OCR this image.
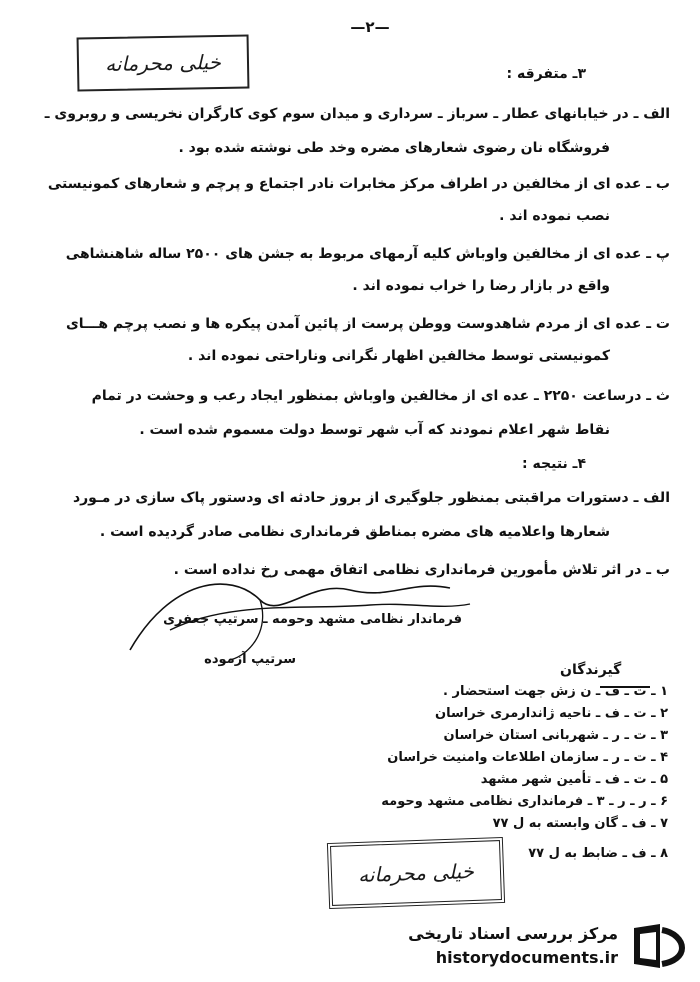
—۲—
خیلی محرمانه	۳ـ متفرقه :
الف ـ در خیابانهای عطار ـ سرباز ـ سرداری و میدان سوم کوی کارگران نخریسی و روبروی ـ
فروشگاه نان رضوی شعارهای مضره وخد طی نوشته شده بود .
ب ـ عده ای از مخالفین در اطراف مرکز مخابرات نادر اجتماع و پرچم و شعارهای کمونیستی
نصب نموده اند .
پ ـ عده ای از مخالفین واوباش کلیه آرمهای مربوط به جشن های ۲۵۰۰ ساله شاهنشاهی
واقع در بازار رضا را خراب نموده اند .
ت ـ عده ای از مردم شاهدوست ووطن پرست از پائین آمدن پیکره ها و نصب پرچم هـــای
کمونیستی توسط مخالفین اظهار نگرانی وناراحتی نموده اند .
ث ـ درساعت ۲۲۵۰ ـ عده ای از مخالفین واوباش بمنظور ایجاد رعب و وحشت در تمام
نقاط شهر اعلام نمودند که آب شهر توسط دولت مسموم شده است .
۴ـ نتیجه :
الف ـ دستورات مراقبتی بمنظور جلوگیری از بروز حادثه ای ودستور پاک سازی در مـورد
شعارها واعلامیه های مضره بمناطق فرمانداری نظامی صادر گردیده است .
ب ـ در اثر تلاش مأمورین فرمانداری نظامی اتفاق مهمی رخ نداده است .
فرماندار نظامی مشهد وحومه ـ سرتیپ جعفری
سرتیپ آزموده
گیرندگان
۱ ـ ت ـ ف ـ ن زش جهت استحضار .
۲ ـ ت ـ ف ـ ناحیه ژاندارمری خراسان
۳ ـ ت ـ ر ـ شهربانی استان خراسان
۴ ـ ت ـ ر ـ سازمان اطلاعات وامنیت خراسان
۵ ـ ت ـ ف ـ تأمین شهر مشهد
۶ ـ ر ـ ر ـ ۳ ـ فرمانداری نظامی مشهد وحومه
۷ ـ ف ـ گان وابسته به ل ۷۷
۸ ـ ف ـ ضابط به ل ۷۷
خیلی محرمانه
مرکز بررسی اسناد تاریخی
historydocuments.ir
